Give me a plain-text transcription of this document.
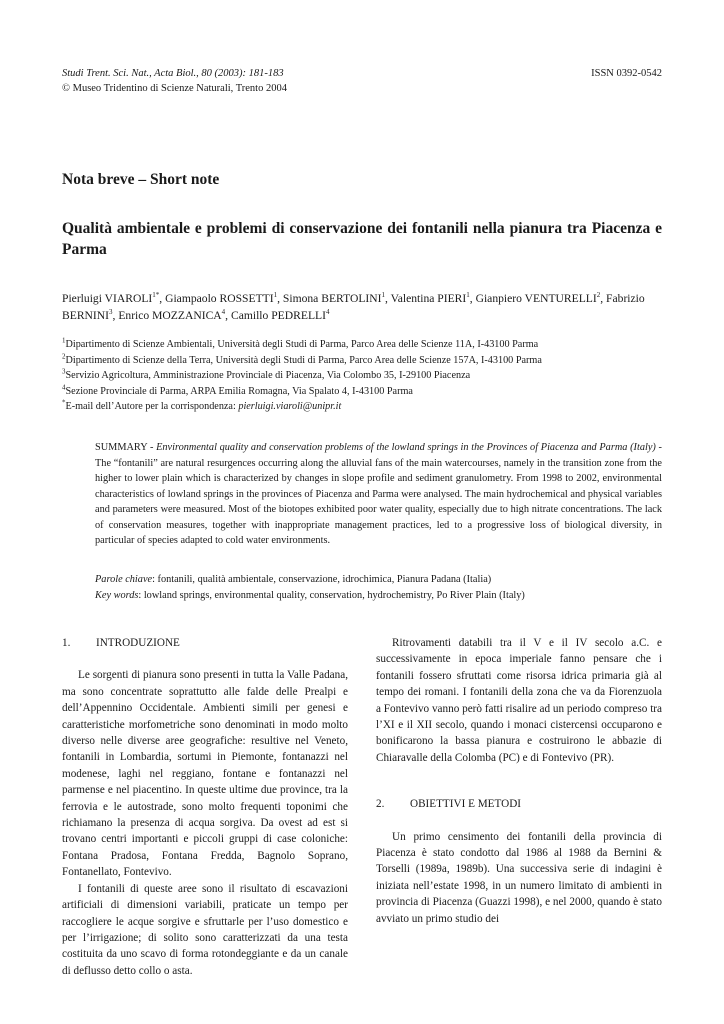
Studi Trent. Sci. Nat., Acta Biol., 80 (2003): 181-183
© Museo Tridentino di Scienze Naturali, Trento 2004
ISSN 0392-0542
Nota breve – Short note
Qualità ambientale e problemi di conservazione dei fontanili nella pianura tra Piacenza e Parma
Pierluigi $VIAROLI^{1*}$, Giampaolo ROSSETTI$^1$, Simona BERTOLINI$^1$, Valentina PIERI$^1$, Gianpiero VENTURELLI$^2$, Fabrizio BERNINI$^3$, Enrico MOZZANICA$^4$, Camillo PEDRELLI$^4$
$^1$Dipartimento di Scienze Ambientali, Università degli Studi di Parma, Parco Area delle Scienze 11A, I-43100 Parma
$^2$Dipartimento di Scienze della Terra, Università degli Studi di Parma, Parco Area delle Scienze 157A, I-43100 Parma
$^3$Servizio Agricoltura, Amministrazione Provinciale di Piacenza, Via Colombo 35, I-29100 Piacenza
$^4$Sezione Provinciale di Parma, ARPA Emilia Romagna, Via Spalato 4, I-43100 Parma
*E-mail dell’Autore per la corrispondenza: pierluigi.viaroli@unipr.it
SUMMARY - Environmental quality and conservation problems of the lowland springs in the Provinces of Piacenza and Parma (Italy) - The “fontanili” are natural resurgences occurring along the alluvial fans of the main watercourses, namely in the transition zone from the higher to lower plain which is characterized by changes in slope profile and sediment granulometry. From 1998 to 2002, environmental characteristics of lowland springs in the provinces of Piacenza and Parma were analysed. The main hydrochemical and physical variables and parameters were measured. Most of the biotopes exhibited poor water quality, especially due to high nitrate concentrations. The lack of conservation measures, together with inappropriate management practices, led to a progressive loss of biological diversity, in particular of species adapted to cold water environments.
Parole chiave: fontanili, qualità ambientale, conservazione, idrochimica, Pianura Padana (Italia)
Key words: lowland springs, environmental quality, conservation, hydrochemistry, Po River Plain (Italy)
1.	INTRODUZIONE

Le sorgenti di pianura sono presenti in tutta la Valle Padana, ma sono concentrate soprattutto alle falde delle Prealpi e dell’Appennino Occidentale. Ambienti simili per genesi e caratteristiche morfometriche sono denominati in modo molto diverso nelle diverse aree geografiche: resultive nel Veneto, fontanili in Lombardia, sortumi in Piemonte, fontanazzi nel modenese, laghi nel reggiano, fontane e fontanazzi nel parmense e nel piacentino. In queste ultime due province, tra la ferrovia e le autostrade, sono molto frequenti toponimi che richiamano la presenza di acqua sorgiva. Da ovest ad est si trovano centri importanti e piccoli gruppi di case coloniche: Fontana Pradosa, Fontana Fredda, Bagnolo Soprano, Fontanellato, Fontevivo.

I fontanili di queste aree sono il risultato di escavazioni artificiali di dimensioni variabili, praticate un tempo per raccogliere le acque sorgive e sfruttarle per l’uso domestico e per l’irrigazione; di solito sono caratterizzati da una testa costituita da uno scavo di forma rotondeggiante e da un canale di deflusso detto collo o asta.

Ritrovamenti databili tra il V e il IV secolo a.C. e successivamente in epoca imperiale fanno pensare che i fontanili fossero sfruttati come risorsa idrica primaria già al tempo dei romani. I fontanili della zona che va da Fiorenzuola a Fontevivo vanno però fatti risalire ad un periodo compreso tra l’XI e il XII secolo, quando i monaci cistercensi occuparono e bonificarono la bassa pianura e costruirono le abbazie di Chiaravalle della Colomba (PC) e di Fontevivo (PR).

2.	OBIETTIVI E METODI

Un primo censimento dei fontanili della provincia di Piacenza è stato condotto dal 1986 al 1988 da Bernini & Torselli (1989a, 1989b). Una successiva serie di indagini è iniziata nell’estate 1998, in un numero limitato di ambienti in provincia di Piacenza (Guazzi 1998), e nel 2000, quando è stato avviato un primo studio dei
